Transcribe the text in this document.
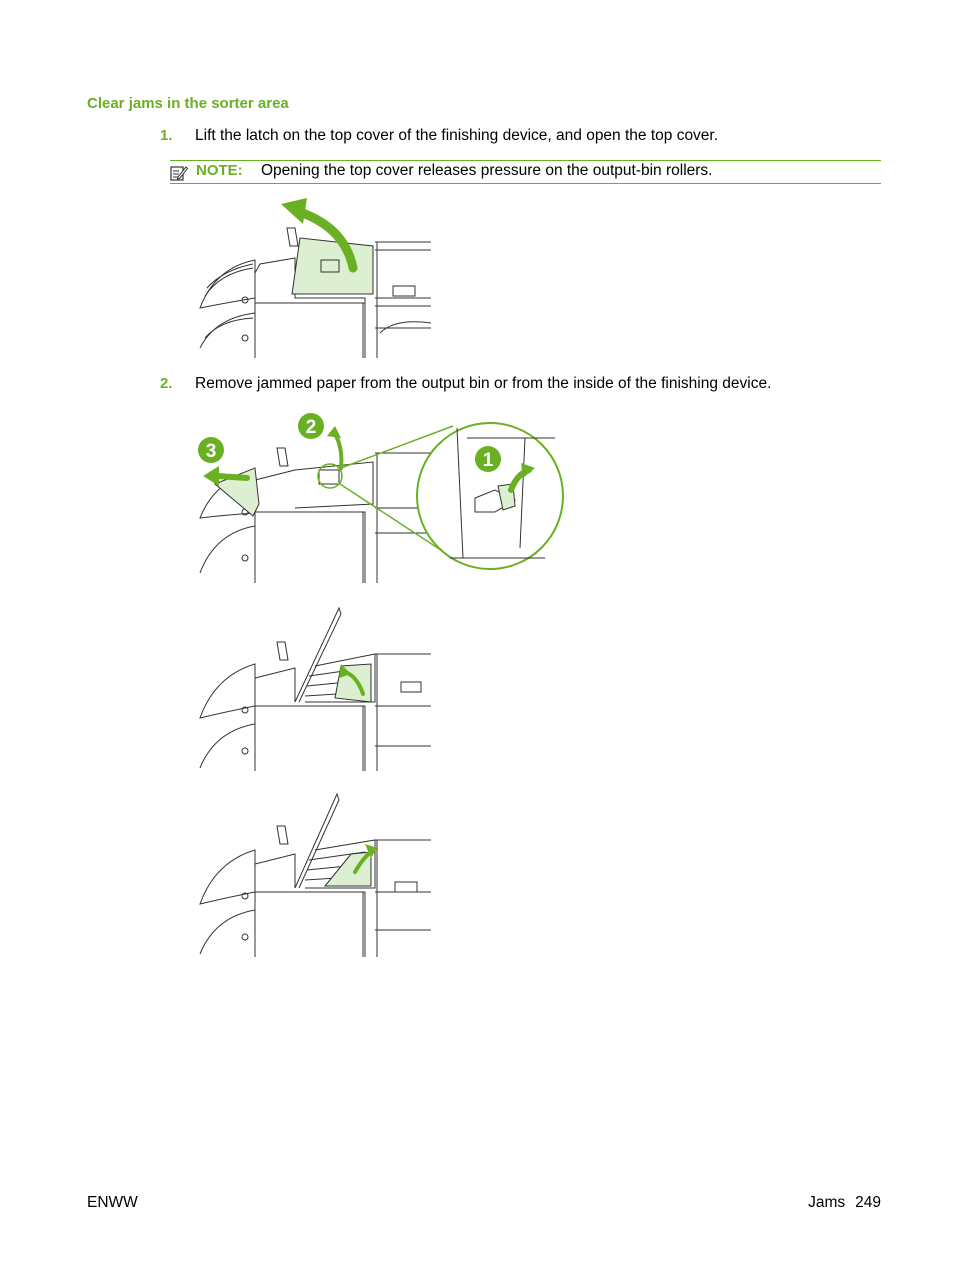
Clear jams in the sorter area
1. Lift the latch on the top cover of the finishing device, and open the top cover.
NOTE: Opening the top cover releases pressure on the output-bin rollers.
2. Remove jammed paper from the output bin or from the inside of the finishing device.
1
2
3
ENWW	Jams 249
